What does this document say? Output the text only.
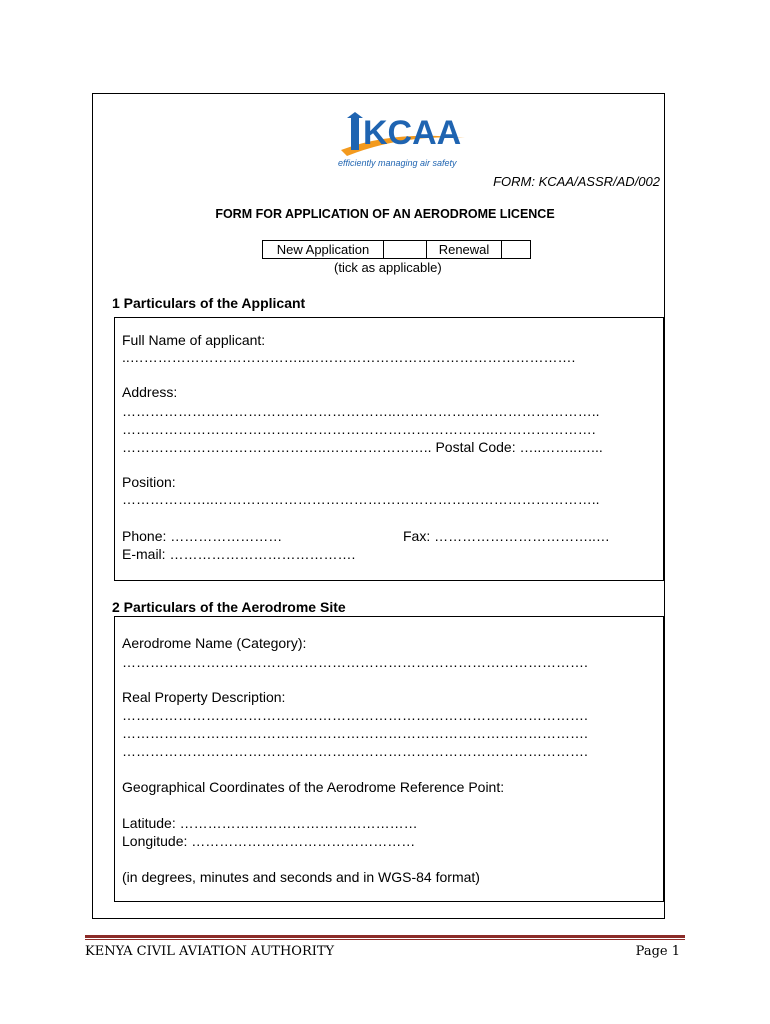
KCAA
efficiently managing air safety
FORM: KCAA/ASSR/AD/002
FORM FOR APPLICATION OF AN AERODROME LICENCE
New Application		Renewal	
(tick as applicable)
1 Particulars of the Applicant
Full Name of applicant:
..………………………………..………………………………………………….
Address:
…………………………………………………..……………………………………..
……………………………………………………………………..………………….
……………………………………..………………….. Postal Code: …..……..…...
Position:
………………..………………………………………………………………………..
Phone: ……………………	Fax: ……………………………..…
E-mail: ………………………………….
2 Particulars of the Aerodrome Site
Aerodrome Name (Category):
……………………………………………………………………………………….
Real Property Description:
……………………………………………………………………………………….
……………………………………………………………………………………….
……………………………………………………………………………………….
Geographical Coordinates of the Aerodrome Reference Point:
Latitude: ……………………………………………
Longitude: …………………………………………
(in degrees, minutes and seconds and in WGS-84 format)
KENYA CIVIL AVIATION AUTHORITY	Page 1
